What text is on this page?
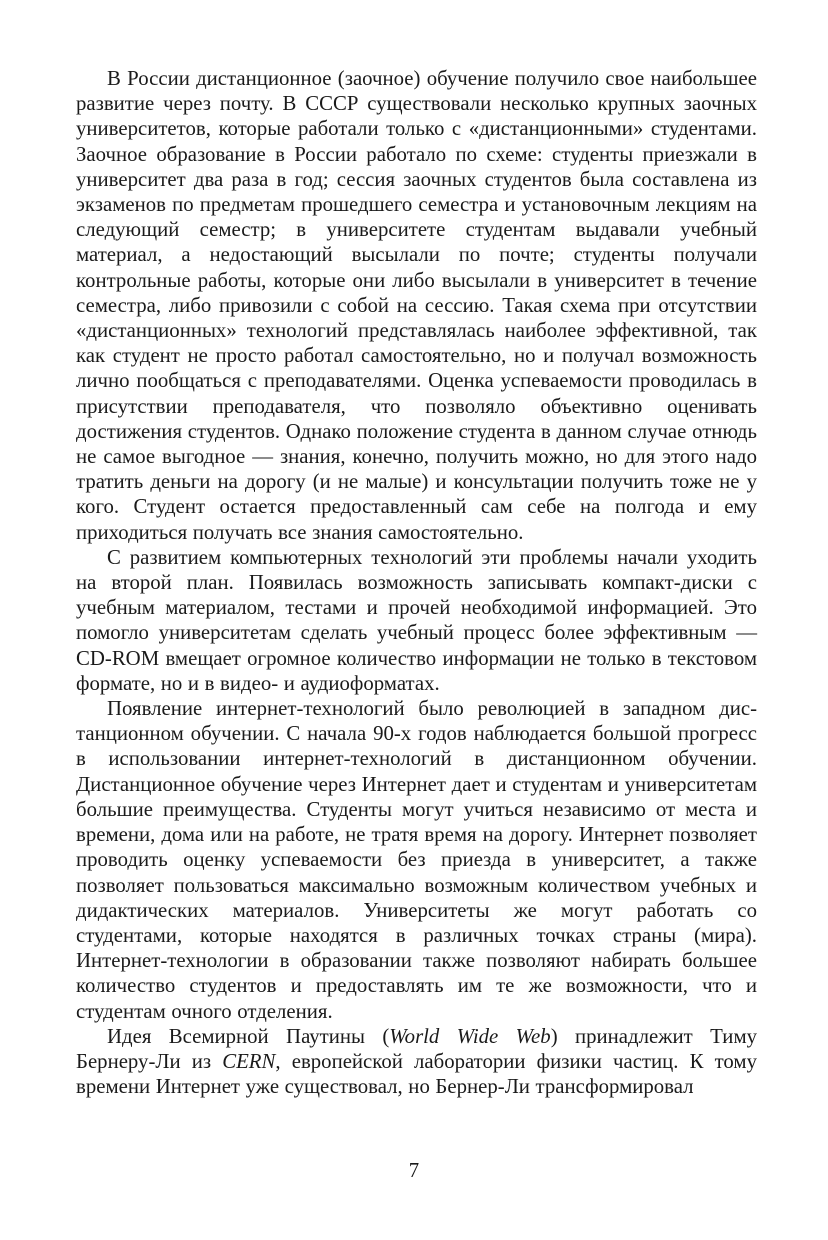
В России дистанционное (заочное) обучение получило свое наибольшее развитие через почту. В СССР существовали несколько крупных заочных университетов, которые работали только с «дистанционными» студентами. Заочное образование в России работало по схеме: студенты приезжали в университет два раза в год; сессия заочных студентов была составлена из экзаменов по предметам прошедшего семестра и установочным лекциям на следующий семестр; в университете студентам выдавали учебный материал, а недостающий высылали по почте; студенты получали контрольные работы, которые они либо высылали в университет в течение семестра, либо привозили с собой на сессию. Такая схема при отсутствии «дистанционных» технологий представлялась наиболее эффективной, так как студент не просто работал самостоятельно, но и получал возможность лично пообщаться с преподавателями. Оценка успеваемости проводилась в присутствии преподавателя, что позволяло объективно оценивать достижения студентов. Однако положение студента в данном случае отнюдь не самое выгодное — знания, конечно, получить можно, но для этого надо тратить деньги на дорогу (и не малые) и консультации получить тоже не у кого. Студент остается предоставленный сам себе на полгода и ему приходиться получать все знания самостоятельно.

С развитием компьютерных технологий эти проблемы начали уходить на второй план. Появилась возможность записывать компакт-диски с учебным материалом, тестами и прочей необходимой информацией. Это помогло университетам сделать учебный процесс более эффективным — CD-ROM вмещает огромное количество информации не только в текстовом формате, но и в видео- и аудиоформатах.

Появление интернет-технологий было революцией в западном дистанционном обучении. С начала 90-х годов наблюдается большой прогресс в использовании интернет-технологий в дистанционном обучении. Дистанционное обучение через Интернет дает и студентам и университетам большие преимущества. Студенты могут учиться независимо от места и времени, дома или на работе, не тратя время на дорогу. Интернет позволяет проводить оценку успеваемости без приезда в университет, а также позволяет пользоваться максимально возможным количеством учебных и дидактических материалов. Университеты же могут работать со студентами, которые находятся в различных точках страны (мира). Интернет-технологии в образовании также позволяют набирать большее количество студентов и предоставлять им те же возможности, что и студентам очного отделения.

Идея Всемирной Паутины (World Wide Web) принадлежит Тиму Бернеру-Ли из CERN, европейской лаборатории физики частиц. К тому времени Интернет уже существовал, но Бернер-Ли трансформировал

7
